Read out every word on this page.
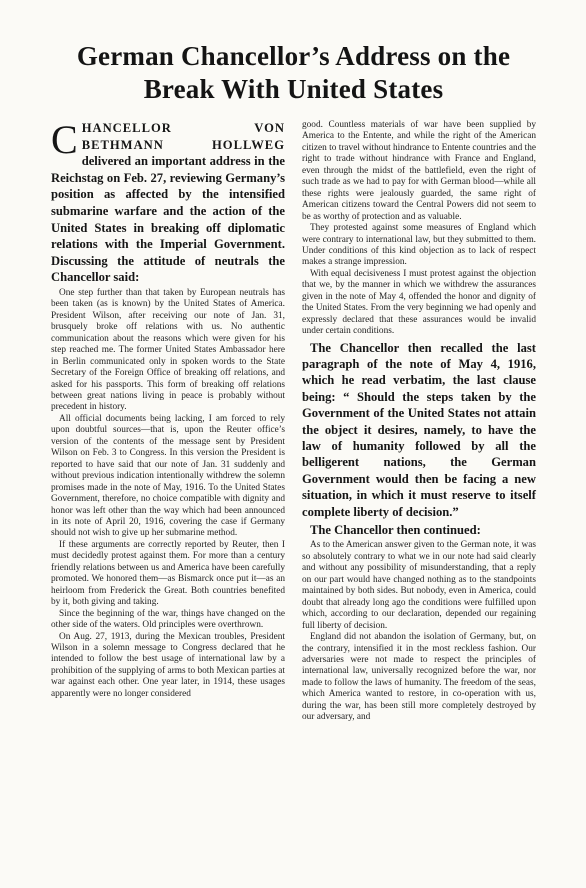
German Chancellor’s Address on the
Break With United States

CHANCELLOR VON BETHMANN HOLLWEG delivered an important address in the Reichstag on Feb. 27, reviewing Germany’s position as affected by the intensified submarine warfare and the action of the United States in breaking off diplomatic relations with the Imperial Government. Discussing the attitude of neutrals the Chancellor said:

One step further than that taken by European neutrals has been taken (as is known) by the United States of America. President Wilson, after receiving our note of Jan. 31, brusquely broke off relations with us. No authentic communication about the reasons which were given for his step reached me. The former United States Ambassador here in Berlin communicated only in spoken words to the State Secretary of the Foreign Office of breaking off relations, and asked for his passports. This form of breaking off relations between great nations living in peace is probably without precedent in history.

All official documents being lacking, I am forced to rely upon doubtful sources—that is, upon the Reuter office’s version of the contents of the message sent by President Wilson on Feb. 3 to Congress. In this version the President is reported to have said that our note of Jan. 31 suddenly and without previous indication intentionally withdrew the solemn promises made in the note of May, 1916. To the United States Government, therefore, no choice compatible with dignity and honor was left other than the way which had been announced in its note of April 20, 1916, covering the case if Germany should not wish to give up her submarine method.

If these arguments are correctly reported by Reuter, then I must decidedly protest against them. For more than a century friendly relations between us and America have been carefully promoted. We honored them—as Bismarck once put it—as an heirloom from Frederick the Great. Both countries benefited by it, both giving and taking.

Since the beginning of the war, things have changed on the other side of the waters. Old principles were overthrown.

On Aug. 27, 1913, during the Mexican troubles, President Wilson in a solemn message to Congress declared that he intended to follow the best usage of international law by a prohibition of the supplying of arms to both Mexican parties at war against each other. One year later, in 1914, these usages apparently were no longer considered

good. Countless materials of war have been supplied by America to the Entente, and while the right of the American citizen to travel without hindrance to Entente countries and the right to trade without hindrance with France and England, even through the midst of the battlefield, even the right of such trade as we had to pay for with German blood—while all these rights were jealously guarded, the same right of American citizens toward the Central Powers did not seem to be as worthy of protection and as valuable.

They protested against some measures of England which were contrary to international law, but they submitted to them. Under conditions of this kind objection as to lack of respect makes a strange impression.

With equal decisiveness I must protest against the objection that we, by the manner in which we withdrew the assurances given in the note of May 4, offended the honor and dignity of the United States. From the very beginning we had openly and expressly declared that these assurances would be invalid under certain conditions.

The Chancellor then recalled the last paragraph of the note of May 4, 1916, which he read verbatim, the last clause being: “ Should the steps taken by the Government of the United States not attain the object it desires, namely, to have the law of humanity followed by all the belligerent nations, the German Government would then be facing a new situation, in which it must reserve to itself complete liberty of decision.”

The Chancellor then continued:

As to the American answer given to the German note, it was so absolutely contrary to what we in our note had said clearly and without any possibility of misunderstanding, that a reply on our part would have changed nothing as to the standpoints maintained by both sides. But nobody, even in America, could doubt that already long ago the conditions were fulfilled upon which, according to our declaration, depended our regaining full liberty of decision.

England did not abandon the isolation of Germany, but, on the contrary, intensified it in the most reckless fashion. Our adversaries were not made to respect the principles of international law, universally recognized before the war, nor made to follow the laws of humanity. The freedom of the seas, which America wanted to restore, in co-operation with us, during the war, has been still more completely destroyed by our adversary, and
